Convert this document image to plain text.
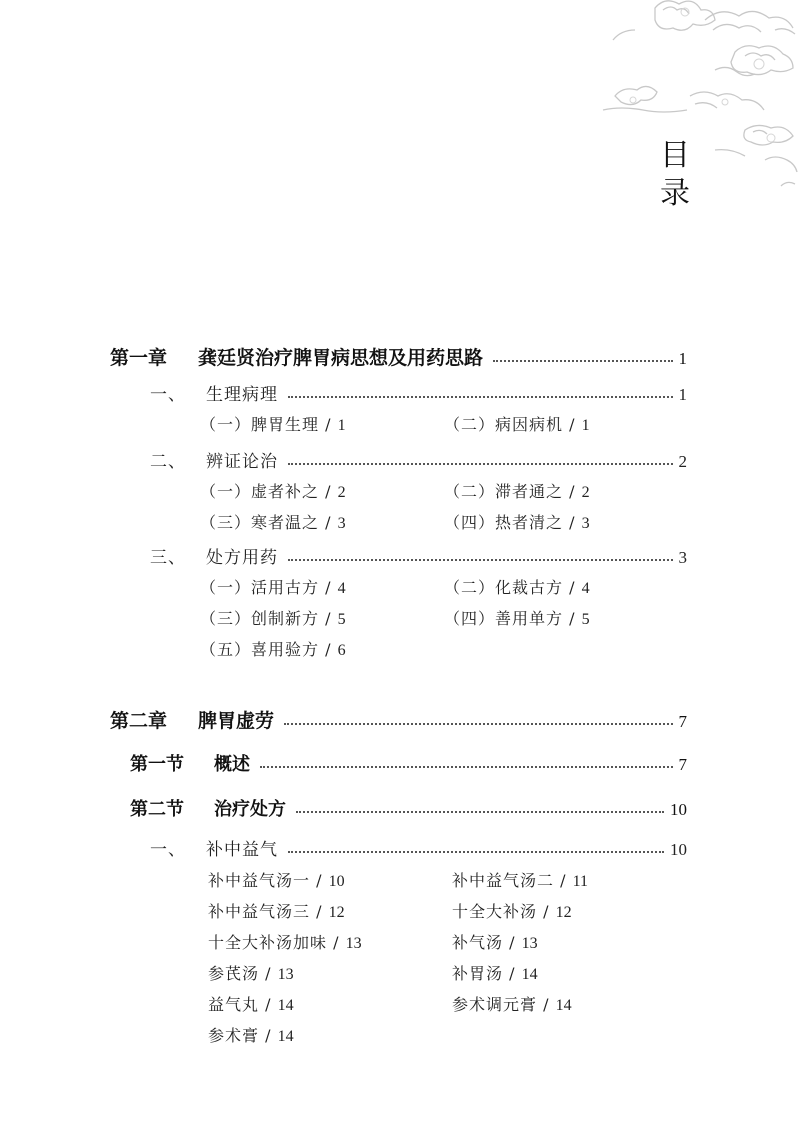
目
录
第一章	龚廷贤治疗脾胃病思想及用药思路	1
一、	生理病理	1
（一）脾胃生理 / 1	（二）病因病机 / 1
二、	辨证论治	2
（一）虚者补之 / 2	（二）滞者通之 / 2
（三）寒者温之 / 3	（四）热者清之 / 3
三、	处方用药	3
（一）活用古方 / 4	（二）化裁古方 / 4
（三）创制新方 / 5	（四）善用单方 / 5
（五）喜用验方 / 6
第二章	脾胃虚劳	7
第一节	概述	7
第二节	治疗处方	10
一、	补中益气	10
补中益气汤一 / 10	补中益气汤二 / 11
补中益气汤三 / 12	十全大补汤 / 12
十全大补汤加味 / 13	补气汤 / 13
参芪汤 / 13	补胃汤 / 14
益气丸 / 14	参术调元膏 / 14
参术膏 / 14
